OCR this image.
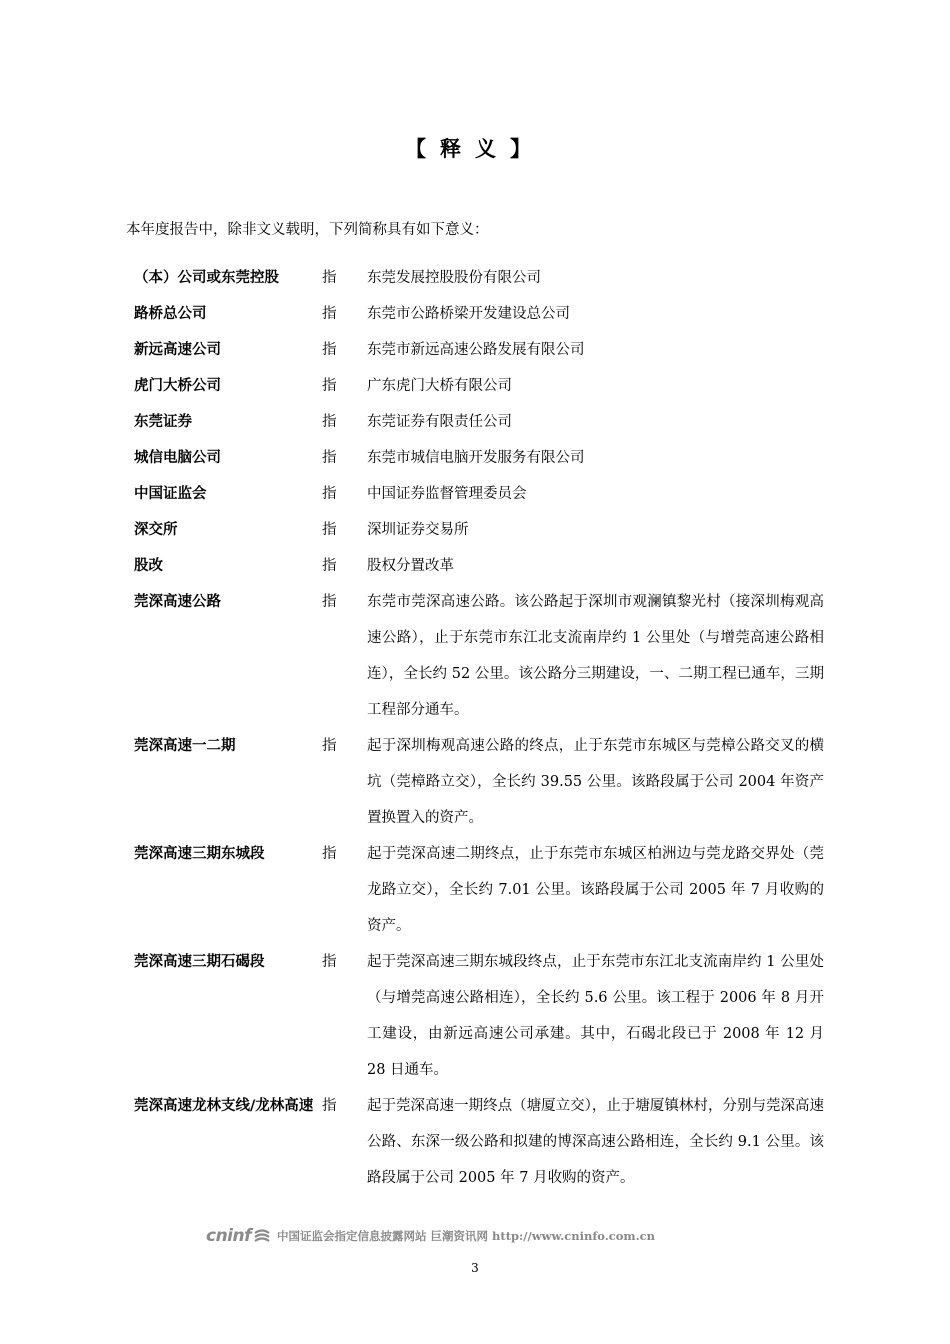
【释义】
本年度报告中，除非文义载明，下列简称具有如下意义：
（本）公司或东莞控股	指	东莞发展控股股份有限公司
路桥总公司	指	东莞市公路桥梁开发建设总公司
新远高速公司	指	东莞市新远高速公路发展有限公司
虎门大桥公司	指	广东虎门大桥有限公司
东莞证券	指	东莞证券有限责任公司
城信电脑公司	指	东莞市城信电脑开发服务有限公司
中国证监会	指	中国证券监督管理委员会
深交所	指	深圳证券交易所
股改	指	股权分置改革
莞深高速公路	指	东莞市莞深高速公路。该公路起于深圳市观澜镇黎光村（接深圳梅观高速公路），止于东莞市东江北支流南岸约 1 公里处（与增莞高速公路相连），全长约 52 公里。该公路分三期建设，一、二期工程已通车，三期工程部分通车。
莞深高速一二期	指	起于深圳梅观高速公路的终点，止于东莞市东城区与莞樟公路交叉的横坑（莞樟路立交），全长约 39.55 公里。该路段属于公司 2004 年资产置换置入的资产。
莞深高速三期东城段	指	起于莞深高速二期终点，止于东莞市东城区柏洲边与莞龙路交界处（莞龙路立交），全长约 7.01 公里。该路段属于公司 2005 年 7 月收购的资产。
莞深高速三期石碣段	指	起于莞深高速三期东城段终点，止于东莞市东江北支流南岸约 1 公里处（与增莞高速公路相连），全长约 5.6 公里。该工程于 2006 年 8 月开工建设，由新远高速公司承建。其中，石碣北段已于 2008 年 12 月 28 日通车。
莞深高速龙林支线/龙林高速 指	起于莞深高速一期终点（塘厦立交），止于塘厦镇林村，分别与莞深高速公路、东深一级公路和拟建的博深高速公路相连，全长约 9.1 公里。该路段属于公司 2005 年 7 月收购的资产。
cninf 中国证监会指定信息披露网站 巨潮资讯网 http://www.cninfo.com.cn
3
